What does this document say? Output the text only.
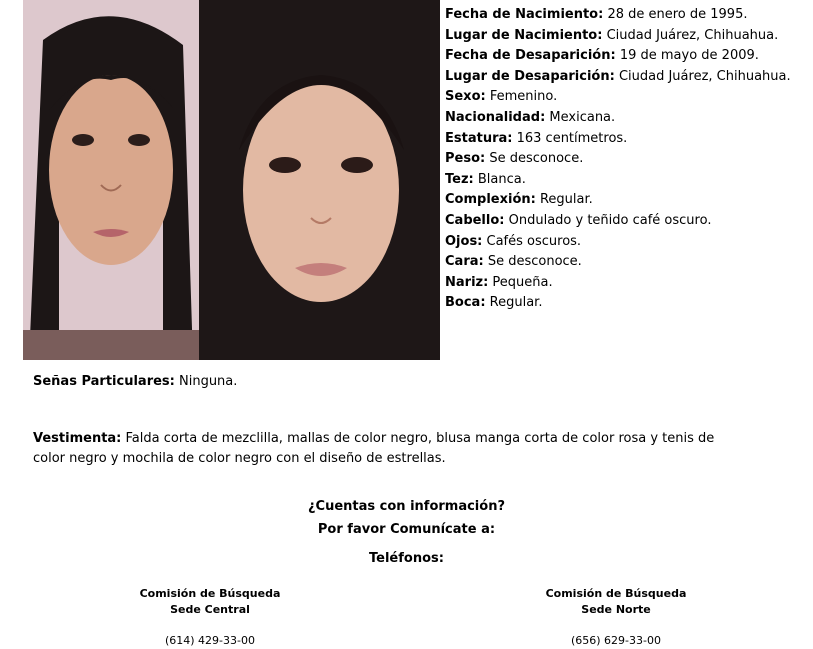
Fecha de Nacimiento: 28 de enero de 1995.
Lugar de Nacimiento: Ciudad Juárez, Chihuahua.
Fecha de Desaparición: 19 de mayo de 2009.
Lugar de Desaparición: Ciudad Juárez, Chihuahua.
Sexo: Femenino.
Nacionalidad: Mexicana.
Estatura: 163 centímetros.
Peso: Se desconoce.
Tez: Blanca.
Complexión: Regular.
Cabello: Ondulado y teñido café oscuro.
Ojos: Cafés oscuros.
Cara: Se desconoce.
Nariz: Pequeña.
Boca: Regular.
Señas Particulares: Ninguna.
Vestimenta: Falda corta de mezclilla, mallas de color negro, blusa manga corta de color rosa y tenis de color negro y mochila de color negro con el diseño de estrellas.
¿Cuentas con información?
Por favor Comunícate a:
Teléfonos:
Comisión de Búsqueda
Sede Central
(614) 429-33-00
Comisión de Búsqueda
Sede Norte
(656) 629-33-00
